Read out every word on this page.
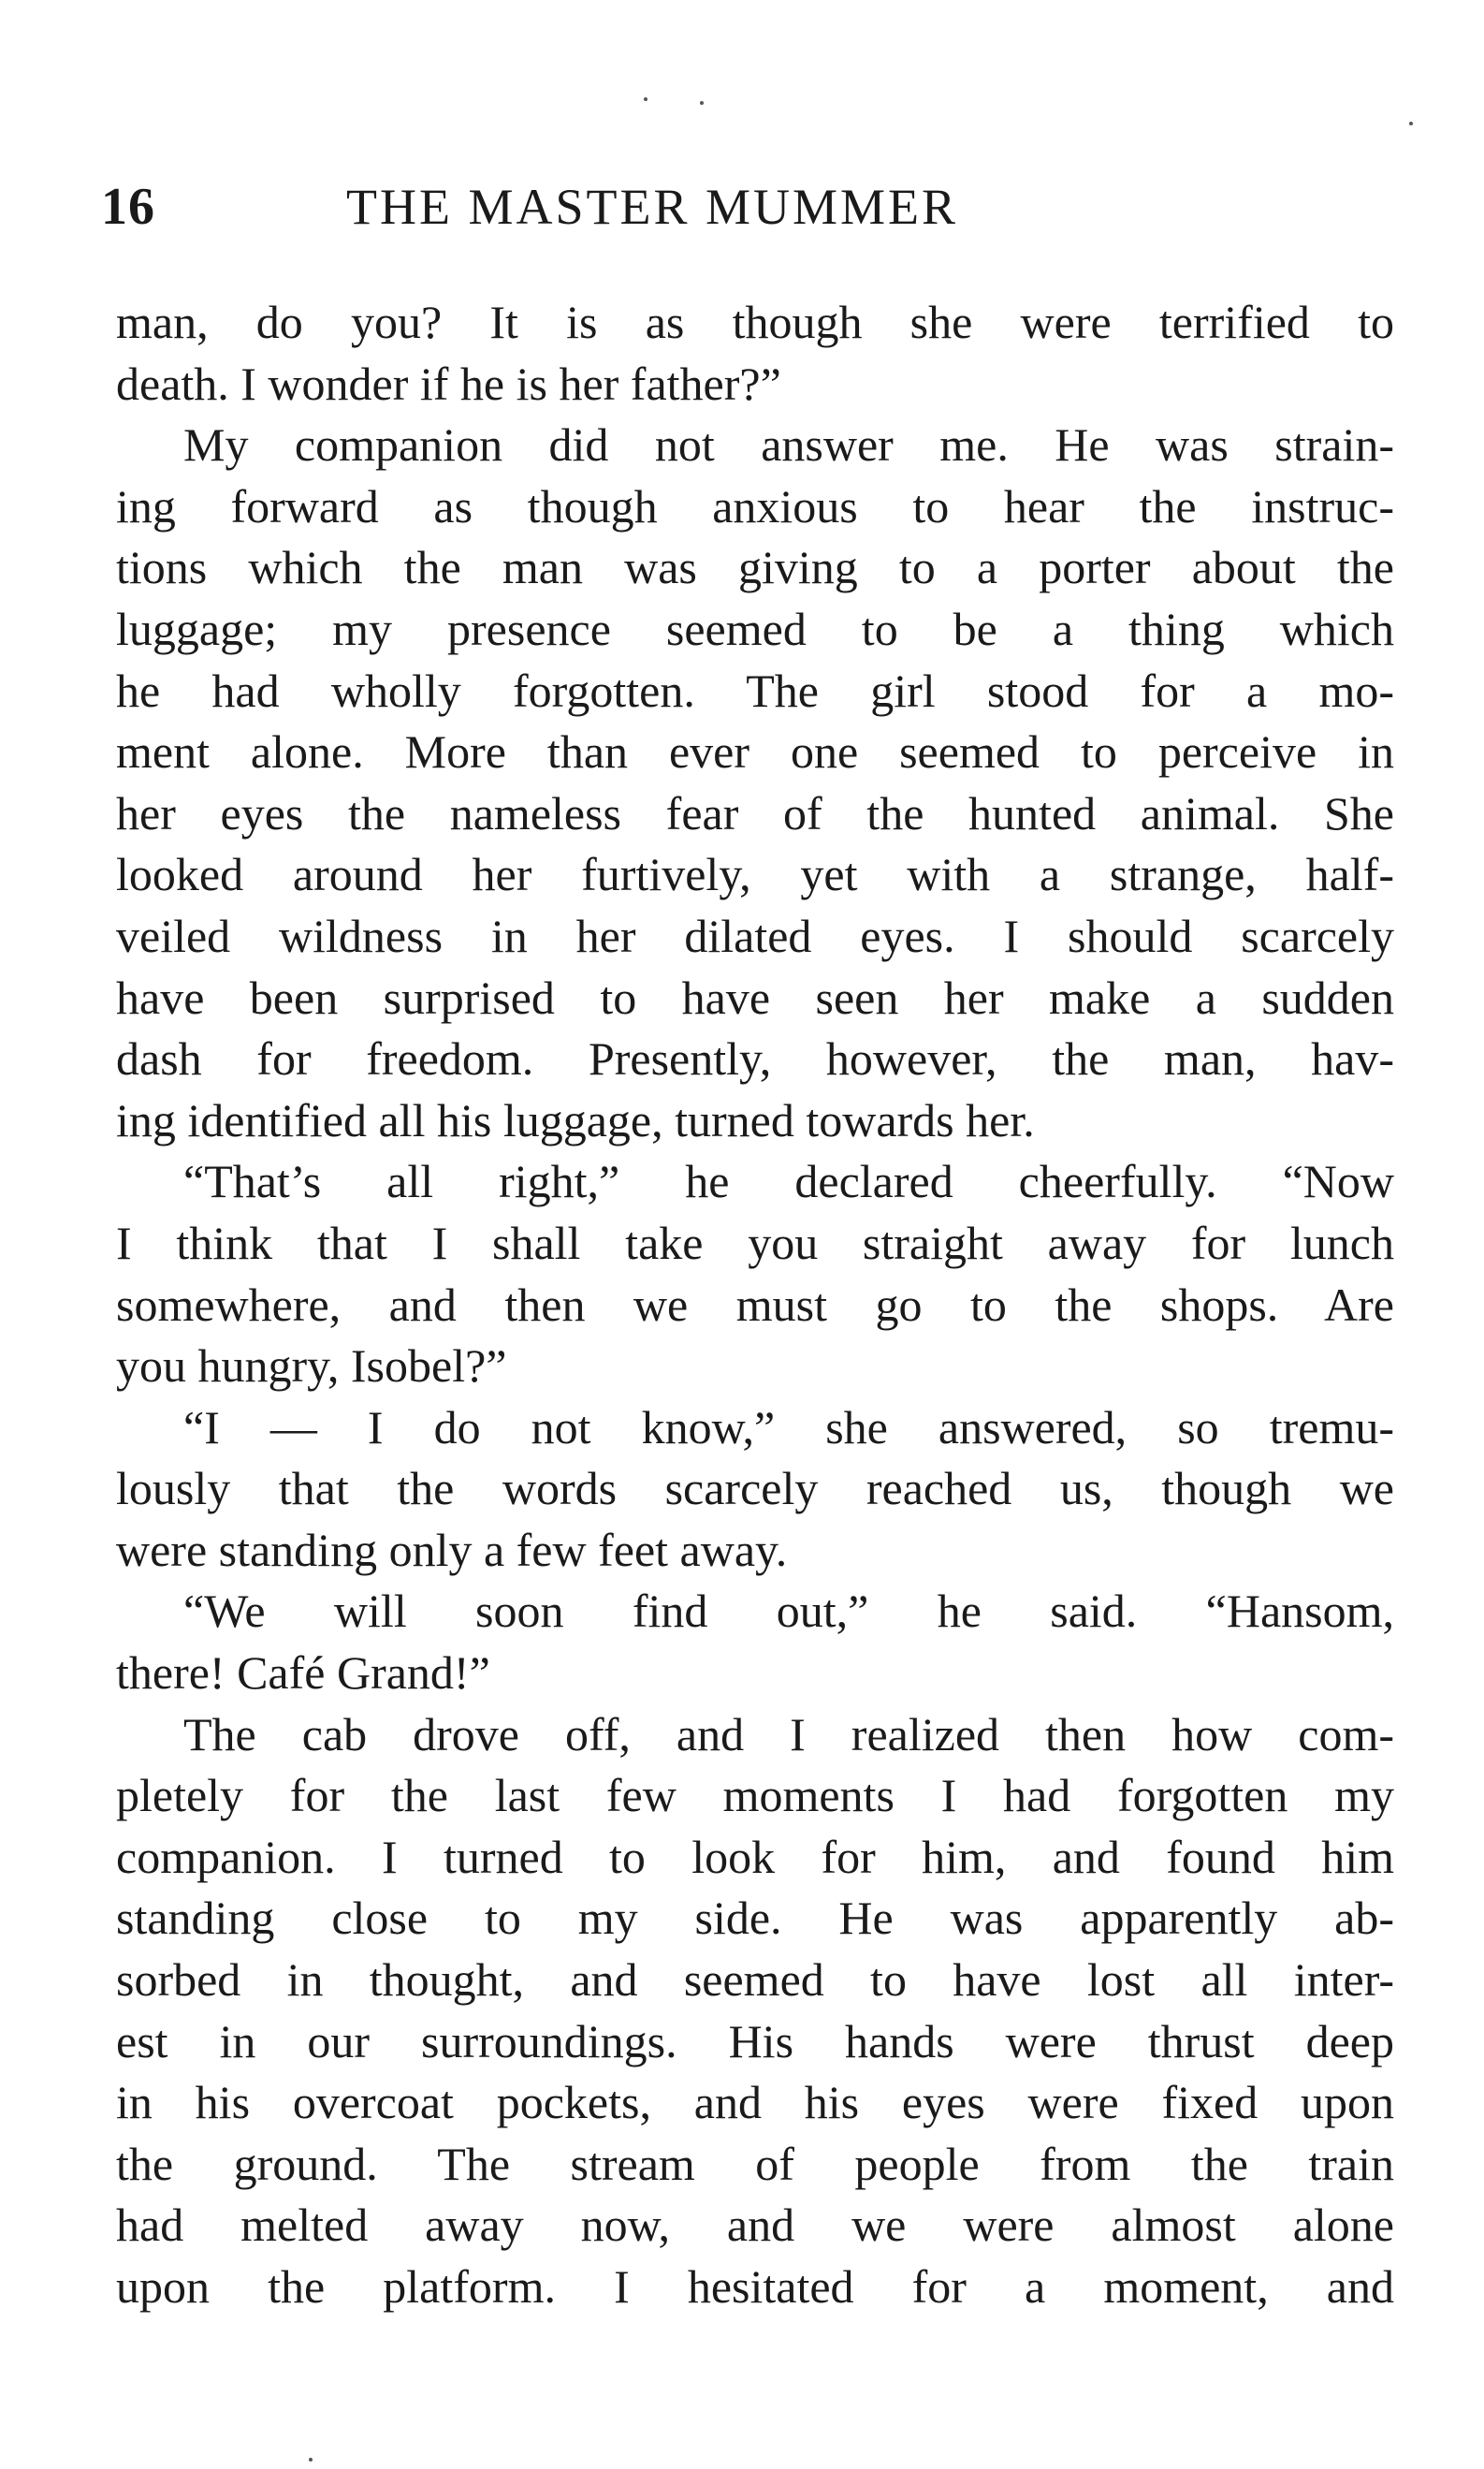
16	THE MASTER MUMMER
man, do you? It is as though she were terrified to
death. I wonder if he is her father?”
My companion did not answer me. He was strain-
ing forward as though anxious to hear the instruc-
tions which the man was giving to a porter about the
luggage; my presence seemed to be a thing which
he had wholly forgotten. The girl stood for a mo-
ment alone. More than ever one seemed to perceive in
her eyes the nameless fear of the hunted animal. She
looked around her furtively, yet with a strange, half-
veiled wildness in her dilated eyes. I should scarcely
have been surprised to have seen her make a sudden
dash for freedom. Presently, however, the man, hav-
ing identified all his luggage, turned towards her.
“That’s all right,” he declared cheerfully. “Now
I think that I shall take you straight away for lunch
somewhere, and then we must go to the shops. Are
you hungry, Isobel?”
“I — I do not know,” she answered, so tremu-
lously that the words scarcely reached us, though we
were standing only a few feet away.
“We will soon find out,” he said. “Hansom,
there! Café Grand!”
The cab drove off, and I realized then how com-
pletely for the last few moments I had forgotten my
companion. I turned to look for him, and found him
standing close to my side. He was apparently ab-
sorbed in thought, and seemed to have lost all inter-
est in our surroundings. His hands were thrust deep
in his overcoat pockets, and his eyes were fixed upon
the ground. The stream of people from the train
had melted away now, and we were almost alone
upon the platform. I hesitated for a moment, and
